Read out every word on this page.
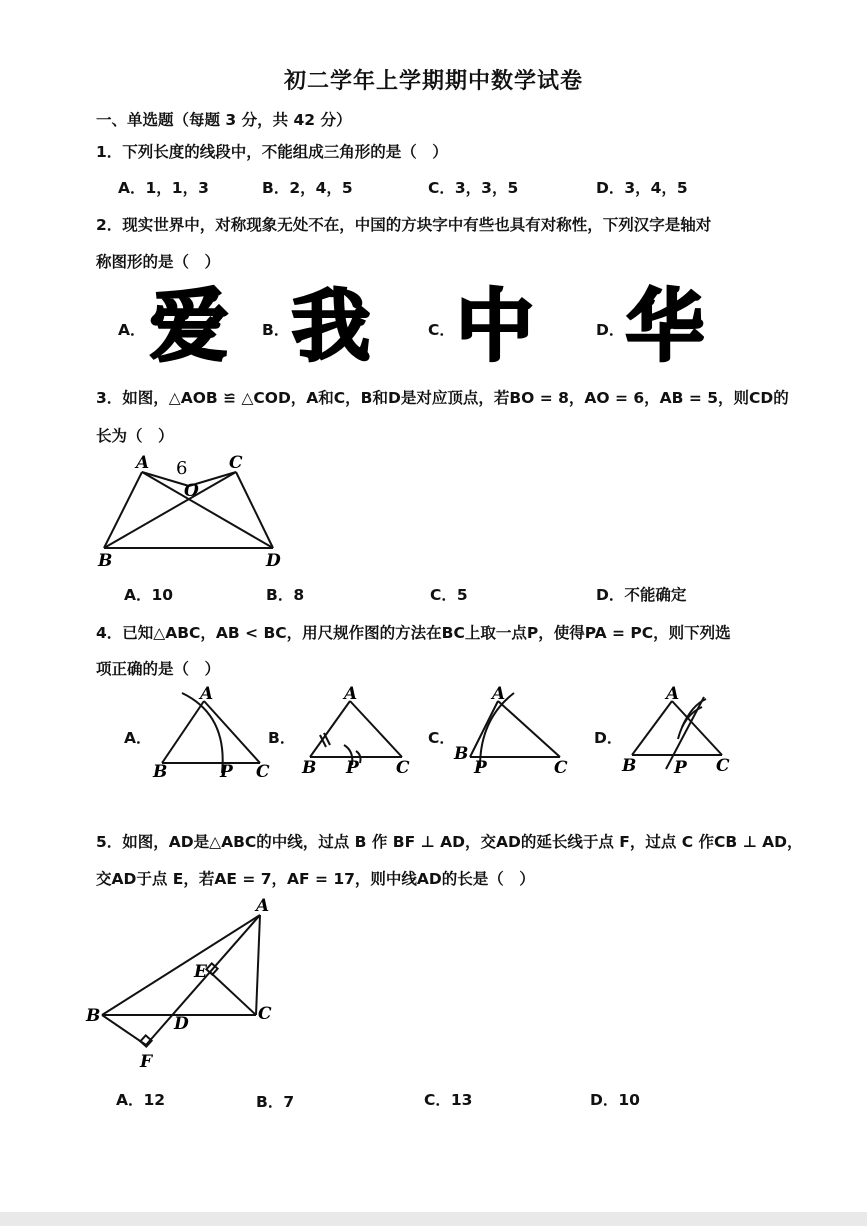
初二学年上学期期中数学试卷
一、单选题（每题 3 分，共 42 分）
1．下列长度的线段中，不能组成三角形的是（　）
A．1，1，3	B．2，4，5	C．3，3，5	D．3，4，5
2．现实世界中，对称现象无处不在，中国的方块字中有些也具有对称性，下列汉字是轴对
称图形的是（　）
A． 爱 B． 我	C． 中	D． 华
3．如图，△AOB ≌ △COD，A和C，B和D是对应顶点，若BO = 8，AO = 6，AB = 5，则CD的
长为（　）
A 6 C
O
B	D
A．10	B．8	C．5	D．不能确定
4．已知△ABC，AB < BC，用尺规作图的方法在BC上取一点P，使得PA = PC，则下列选
项正确的是（　）
A．
A
B	P C
B．
A
B P C
C．
A
B
P	C
D．
A
B P C
5．如图，AD是△ABC的中线，过点 B 作 BF ⊥ AD，交AD的延长线于点 F，过点 C 作CB ⊥ AD，
交AD于点 E，若AE = 7，AF = 17，则中线AD的长是（　）
A
E
B	D	C
F
A．12	B．7	C．13	D．10
